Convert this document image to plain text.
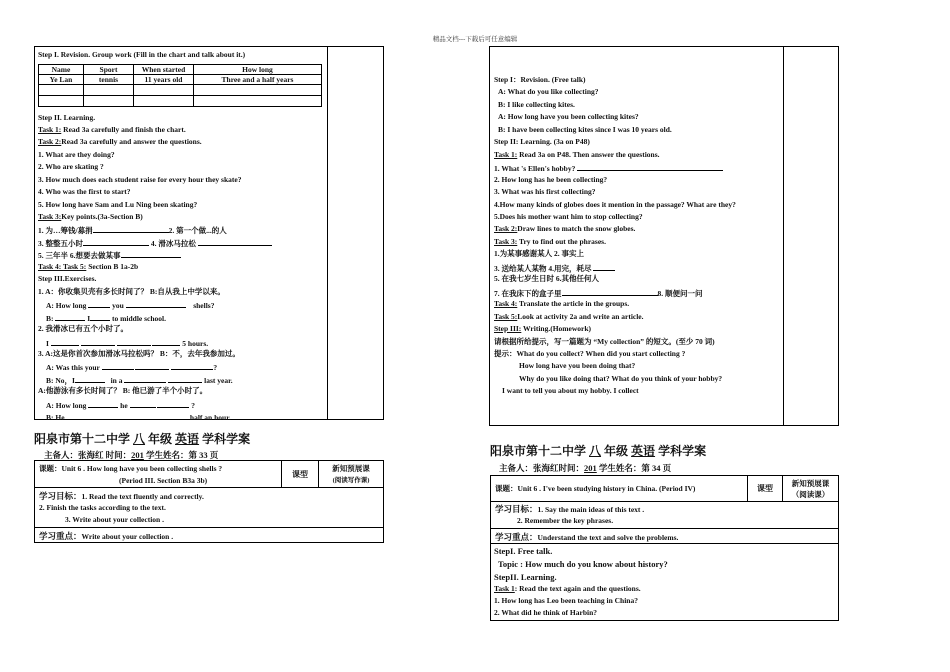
精品文档---下载后可任意编辑
Step I. Revision. Group work (Fill in the chart and talk about it.)
Name	Sport	When started	How long
Ye Lan	tennis	11 years old	Three and a half years

Step II. Learning.
Task 1: Read 3a carefully and finish the chart.
Task 2:Read 3a carefully and answer the questions.
1. What are they doing?
2. Who are skating ?
3. How much does each student raise for every hour they skate?
4. Who was the first to start?
5. How long have Sam and Lu Ning been skating?
Task 3:Key points.(3a-Section B)
1. 为…筹钱/募捐	2. 第一个做...的人
3. 整整五小时	4. 滑冰马拉松
5. 三年半 6.想要去做某事
Task 4: Task 5: Section B 1a-2b
Step III.Exercises.
1. A：你收集贝壳有多长时间了？ B:自从我上中学以来。
A: How long	you	shells?
B:	I	to middle school.
2. 我滑冰已有五个小时了。
I	5 hours.
3. A:这是你首次参加滑冰马拉松吗？ B：不，去年我参加过。
A: Was this your	?
B: No，I	in a	last year.
A:他游泳有多长时间了？ B: 他已游了半个小时了。
A: How long	he	?
B: He	half an hour.
阳泉市第十二中学 八 年级 英语 学科学案
主备人：张海红 时间：201 学生姓名：第 33 页
课题：Unit 6 . How long have you been collecting shells ?
(Period III. Section B3a 3b)
课型
新知预展课
(阅读写作课)
学习目标：1. Read the text fluently and correctly.
2. Finish the tasks according to the text.
3. Write about your collection .
学习重点：Write about your collection .
Step I：Revision. (Free talk)
A: What do you like collecting?
B: I like collecting kites.
A: How long have you been collecting kites?
B: I have been collecting kites since I was 10 years old.
Step II: Learning. (3a on P48)
Task 1: Read 3a on P48. Then answer the questions.
1. What 's Ellen's hobby?
2. How long has he been collecting?
3. What was his first collecting?
4.How many kinds of globes does it mention in the passage? What are they?
5.Does his mother want him to stop collecting?
Task 2:Draw lines to match the snow globes.
Task 3: Try to find out the phrases.
1.为某事感谢某人 2. 事实上
3. 送给某人某物 4.用完，耗尽
5. 在我七岁生日时 6.其他任何人
7. 在我床下的盒子里	8. 顺便问一问
Task 4: Translate the article in the groups.
Task 5:Look at activity 2a and write an article.
Step III: Writing.(Homework)
请根据所给提示，写一篇题为 “My collection” 的短文。(至少 70 词)
提示：What do you collect? When did you start collecting ?
How long have you been doing that?
Why do you like doing that? What do you think of your hobby?
I want to tell you about my hobby. I collect
阳泉市第十二中学 八 年级 英语 学科学案
主备人：张海红时间：201 学生姓名：第 34 页
课题：Unit 6 . I've been studying history in China. (Period IV)	课型
新知预展课
（阅读课）
学习目标：1. Say the main ideas of this text .
2. Remember the key phrases.
学习重点：Understand the text and solve the problems.
StepI. Free talk.
Topic : How much do you know about history?
StepII. Learning.
Task 1: Read the text again and the questions.
1. How long has Leo been teaching in China?
2. What did he think of Harbin?
